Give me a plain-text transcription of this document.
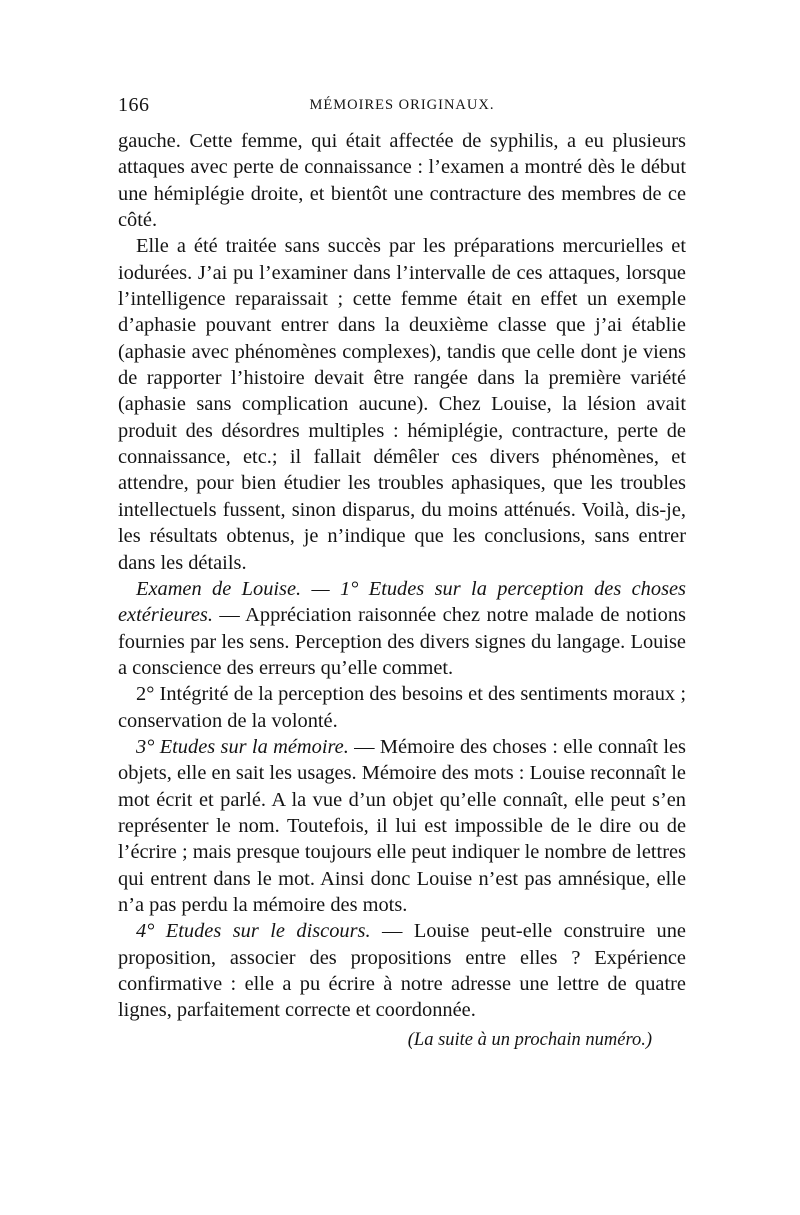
166	MÉMOIRES ORIGINAUX.

gauche. Cette femme, qui était affectée de syphilis, a eu plusieurs attaques avec perte de connaissance : l’examen a montré dès le début une hémiplégie droite, et bientôt une contracture des membres de ce côté.

Elle a été traitée sans succès par les préparations mercurielles et iodurées. J’ai pu l’examiner dans l’intervalle de ces attaques, lorsque l’intelligence reparaissait ; cette femme était en effet un exemple d’aphasie pouvant entrer dans la deuxième classe que j’ai établie (aphasie avec phénomènes complexes), tandis que celle dont je viens de rapporter l’histoire devait être rangée dans la première variété (aphasie sans complication aucune). Chez Louise, la lésion avait produit des désordres multiples : hémiplégie, contracture, perte de connaissance, etc.; il fallait démêler ces divers phénomènes, et attendre, pour bien étudier les troubles aphasiques, que les troubles intellectuels fussent, sinon disparus, du moins atténués. Voilà, dis-je, les résultats obtenus, je n’indique que les conclusions, sans entrer dans les détails.

Examen de Louise. — 1° Etudes sur la perception des choses extérieures. — Appréciation raisonnée chez notre malade de notions fournies par les sens. Perception des divers signes du langage. Louise a conscience des erreurs qu’elle commet.

2° Intégrité de la perception des besoins et des sentiments moraux ; conservation de la volonté.

3° Etudes sur la mémoire. — Mémoire des choses : elle connaît les objets, elle en sait les usages. Mémoire des mots : Louise reconnaît le mot écrit et parlé. A la vue d’un objet qu’elle connaît, elle peut s’en représenter le nom. Toutefois, il lui est impossible de le dire ou de l’écrire ; mais presque toujours elle peut indiquer le nombre de lettres qui entrent dans le mot. Ainsi donc Louise n’est pas amnésique, elle n’a pas perdu la mémoire des mots.

4° Etudes sur le discours. — Louise peut-elle construire une proposition, associer des propositions entre elles ? Expérience confirmative : elle a pu écrire à notre adresse une lettre de quatre lignes, parfaitement correcte et coordonnée.

(La suite à un prochain numéro.)
